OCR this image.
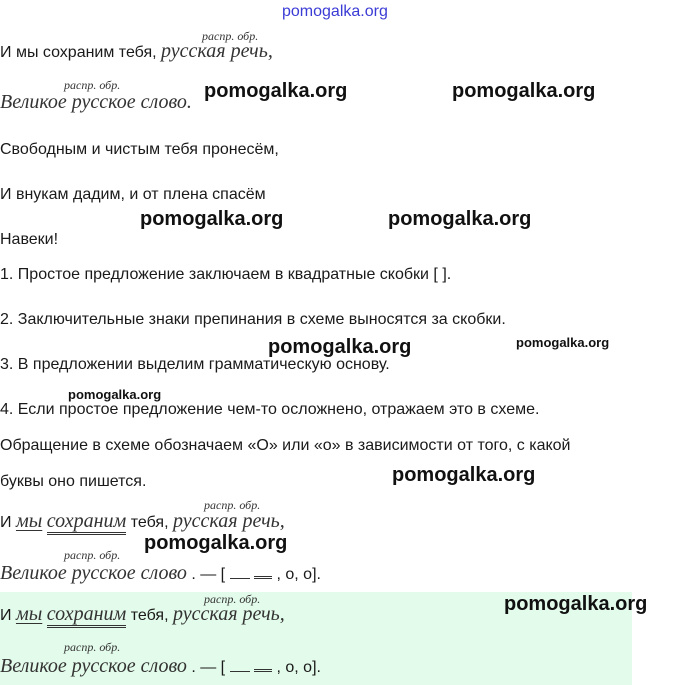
pomogalka.org
распр. обр.
И мы сохраним тебя, русская речь,
распр. обр.
Великое русское слово.
Свободным и чистым тебя пронесём,
И внукам дадим, и от плена спасём
Навеки!
1. Простое предложение заключаем в квадратные скобки [ ].
2. Заключительные знаки препинания в схеме выносятся за скобки.
3. В предложении выделим грамматическую основу.
4. Если простое предложение чем-то осложнено, отражаем это в схеме.
Обращение в схеме обозначаем «О» или «о» в зависимости от того, с какой
буквы оно пишется.
распр. обр.
И мы сохраним тебя, русская речь,
распр. обр.
Великое русское слово . — [	, о, о].
распр. обр.
И мы сохраним тебя, русская речь,
распр. обр.
Великое русское слово . — [	, о, о].
pomogalka.org	pomogalka.org
pomogalka.org	pomogalka.org
pomogalka.org	pomogalka.org
pomogalka.org
pomogalka.org
pomogalka.org
pomogalka.org
